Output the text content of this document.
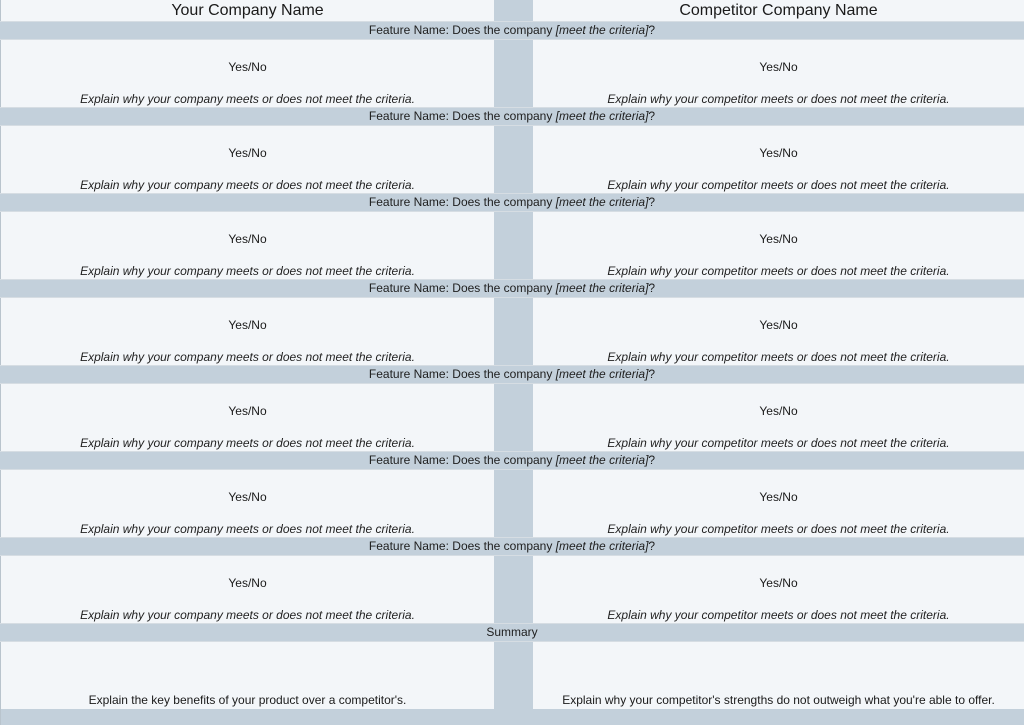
Your Company Name	Competitor Company Name
Feature Name: Does the company [meet the criteria]?
Yes/No
Explain why your company meets or does not meet the criteria.
Yes/No
Explain why your competitor meets or does not meet the criteria.
Feature Name: Does the company [meet the criteria]?
Yes/No
Explain why your company meets or does not meet the criteria.
Yes/No
Explain why your competitor meets or does not meet the criteria.
Feature Name: Does the company [meet the criteria]?
Yes/No
Explain why your company meets or does not meet the criteria.
Yes/No
Explain why your competitor meets or does not meet the criteria.
Feature Name: Does the company [meet the criteria]?
Yes/No
Explain why your company meets or does not meet the criteria.
Yes/No
Explain why your competitor meets or does not meet the criteria.
Feature Name: Does the company [meet the criteria]?
Yes/No
Explain why your company meets or does not meet the criteria.
Yes/No
Explain why your competitor meets or does not meet the criteria.
Feature Name: Does the company [meet the criteria]?
Yes/No
Explain why your company meets or does not meet the criteria.
Yes/No
Explain why your competitor meets or does not meet the criteria.
Feature Name: Does the company [meet the criteria]?
Yes/No
Explain why your company meets or does not meet the criteria.
Yes/No
Explain why your competitor meets or does not meet the criteria.
Summary
Explain the key benefits of your product over a competitor's.	Explain why your competitor's strengths do not outweigh what you're able to offer.
